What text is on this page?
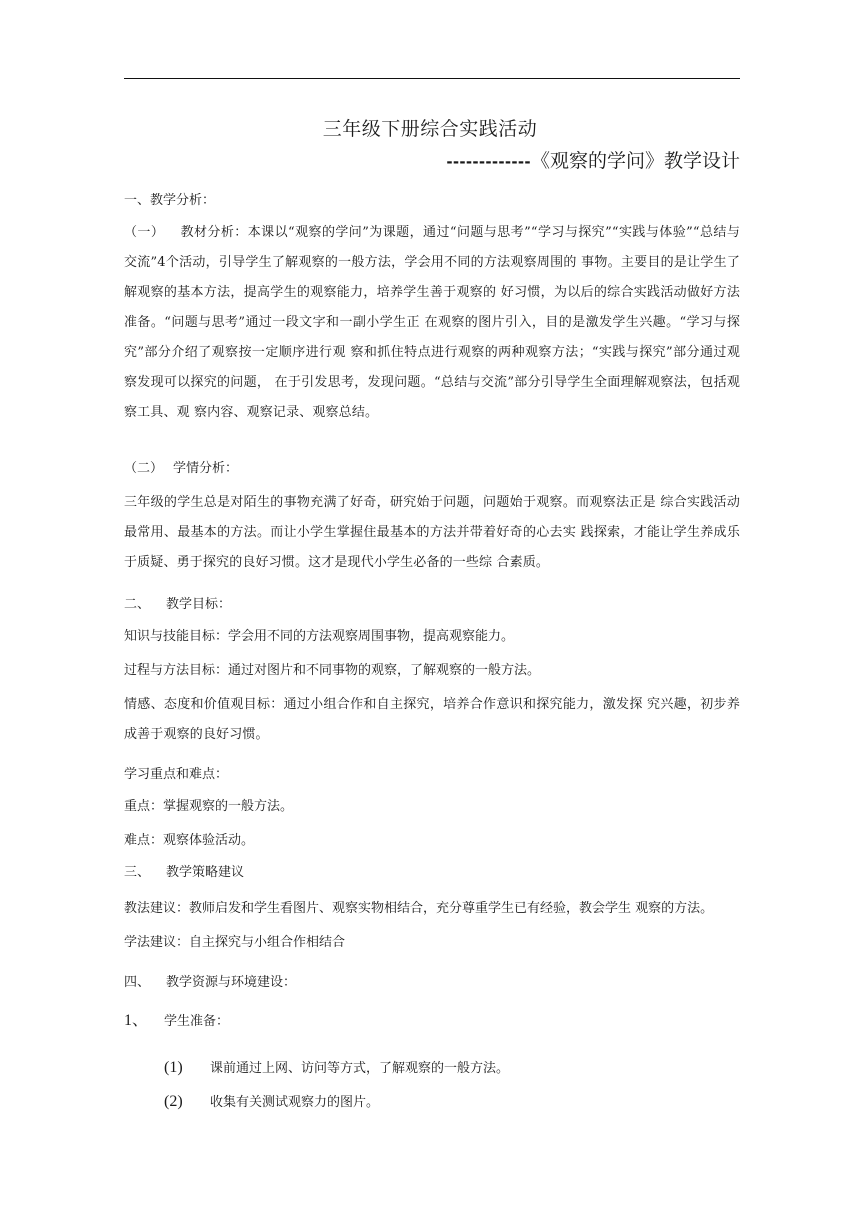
三年级下册综合实践活动
-------------《观察的学问》教学设计
一、教学分析：
（一） 教材分析：本课以“观察的学问”为课题，通过“问题与思考”“学习与探究”“实践与体验”“总结与交流”4个活动，引导学生了解观察的一般方法，学会用不同的方法观察周围的 事物。主要目的是让学生了解观察的基本方法，提高学生的观察能力，培养学生善于观察的 好习惯，为以后的综合实践活动做好方法准备。“问题与思考”通过一段文字和一副小学生正 在观察的图片引入，目的是激发学生兴趣。“学习与探究”部分介绍了观察按一定顺序进行观 察和抓住特点进行观察的两种观察方法；“实践与探究”部分通过观察发现可以探究的问题， 在于引发思考，发现问题。“总结与交流”部分引导学生全面理解观察法，包括观察工具、观 察内容、观察记录、观察总结。
（二） 学情分析：
三年级的学生总是对陌生的事物充满了好奇，研究始于问题，问题始于观察。而观察法正是 综合实践活动最常用、最基本的方法。而让小学生掌握住最基本的方法并带着好奇的心去实 践探索，才能让学生养成乐于质疑、勇于探究的良好习惯。这才是现代小学生必备的一些综 合素质。
二、 教学目标：
知识与技能目标：学会用不同的方法观察周围事物，提高观察能力。
过程与方法目标：通过对图片和不同事物的观察，了解观察的一般方法。
情感、态度和价值观目标：通过小组合作和自主探究，培养合作意识和探究能力，激发探 究兴趣，初步养成善于观察的良好习惯。
学习重点和难点：
重点：掌握观察的一般方法。
难点：观察体验活动。
三、 教学策略建议
教法建议：教师启发和学生看图片、观察实物相结合，充分尊重学生已有经验，教会学生 观察的方法。
学法建议：自主探究与小组合作相结合
四、 教学资源与环境建设：
1、 学生准备：
(1) 课前通过上网、访问等方式，了解观察的一般方法。
(2) 收集有关测试观察力的图片。
